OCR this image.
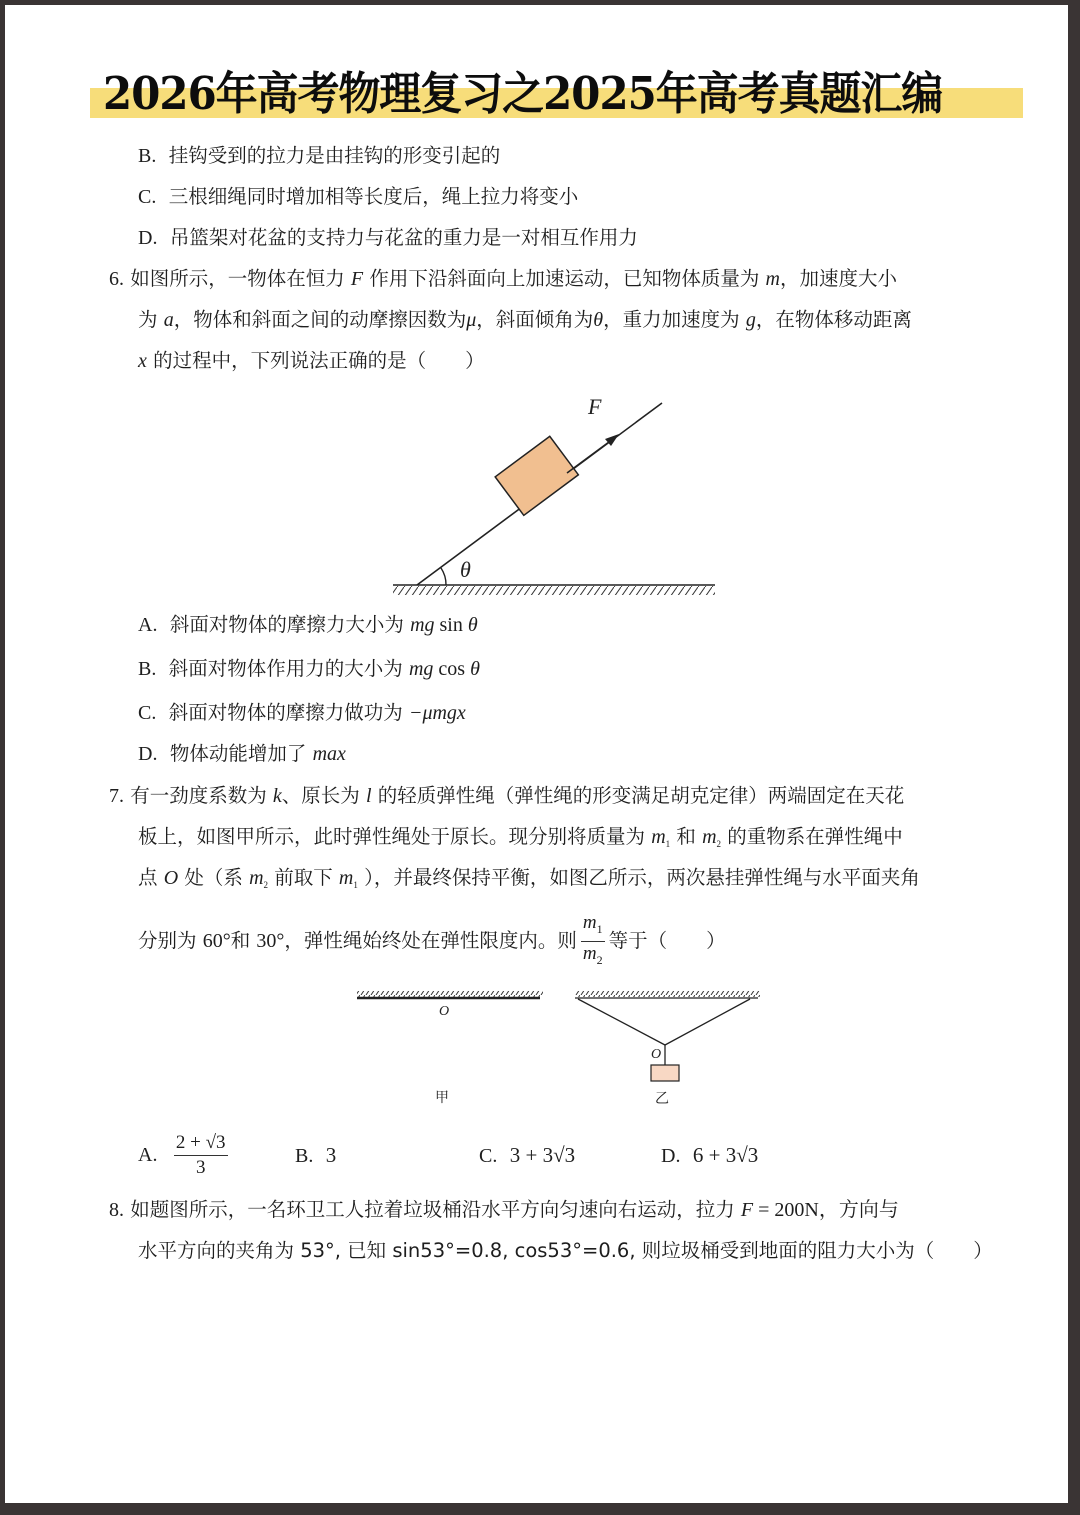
2026年高考物理复习之2025年高考真题汇编
B. 挂钩受到的拉力是由挂钩的形变引起的
C. 三根细绳同时增加相等长度后，绳上拉力将变小
D. 吊篮架对花盆的支持力与花盆的重力是一对相互作用力
6. 如图所示，一物体在恒力 F 作用下沿斜面向上加速运动，已知物体质量为 m，加速度大小
为 a，物体和斜面之间的动摩擦因数为μ，斜面倾角为θ，重力加速度为 g，在物体移动距离
x 的过程中，下列说法正确的是（　　）
θ
F
A. 斜面对物体的摩擦力大小为 mg sin θ
B. 斜面对物体作用力的大小为 mg cos θ
C. 斜面对物体的摩擦力做功为 −μmgx
D. 物体动能增加了 max
7. 有一劲度系数为 k、原长为 l 的轻质弹性绳（弹性绳的形变满足胡克定律）两端固定在天花
板上，如图甲所示，此时弹性绳处于原长。现分别将质量为 $m_1$ 和 $m_2$ 的重物系在弹性绳中
点 O 处（系 $m_2$ 前取下 $m_1$ ），并最终保持平衡，如图乙所示，两次悬挂弹性绳与水平面夹角
分别为 60°和 30°，弹性绳始终处在弹性限度内。则 $\frac{m_1}{m_2}$ 等于（　　）
O
甲
O
乙
A. $\frac{2 + √3}{3}$	B. 3	C. 3 + 3√3	D. 6 + 3√3
8. 如题图所示，一名环卫工人拉着垃圾桶沿水平方向匀速向右运动，拉力 F = 200N，方向与
水平方向的夹角为 53°, 已知 sin53°=0.8, cos53°=0.6, 则垃圾桶受到地面的阻力大小为（　　）
